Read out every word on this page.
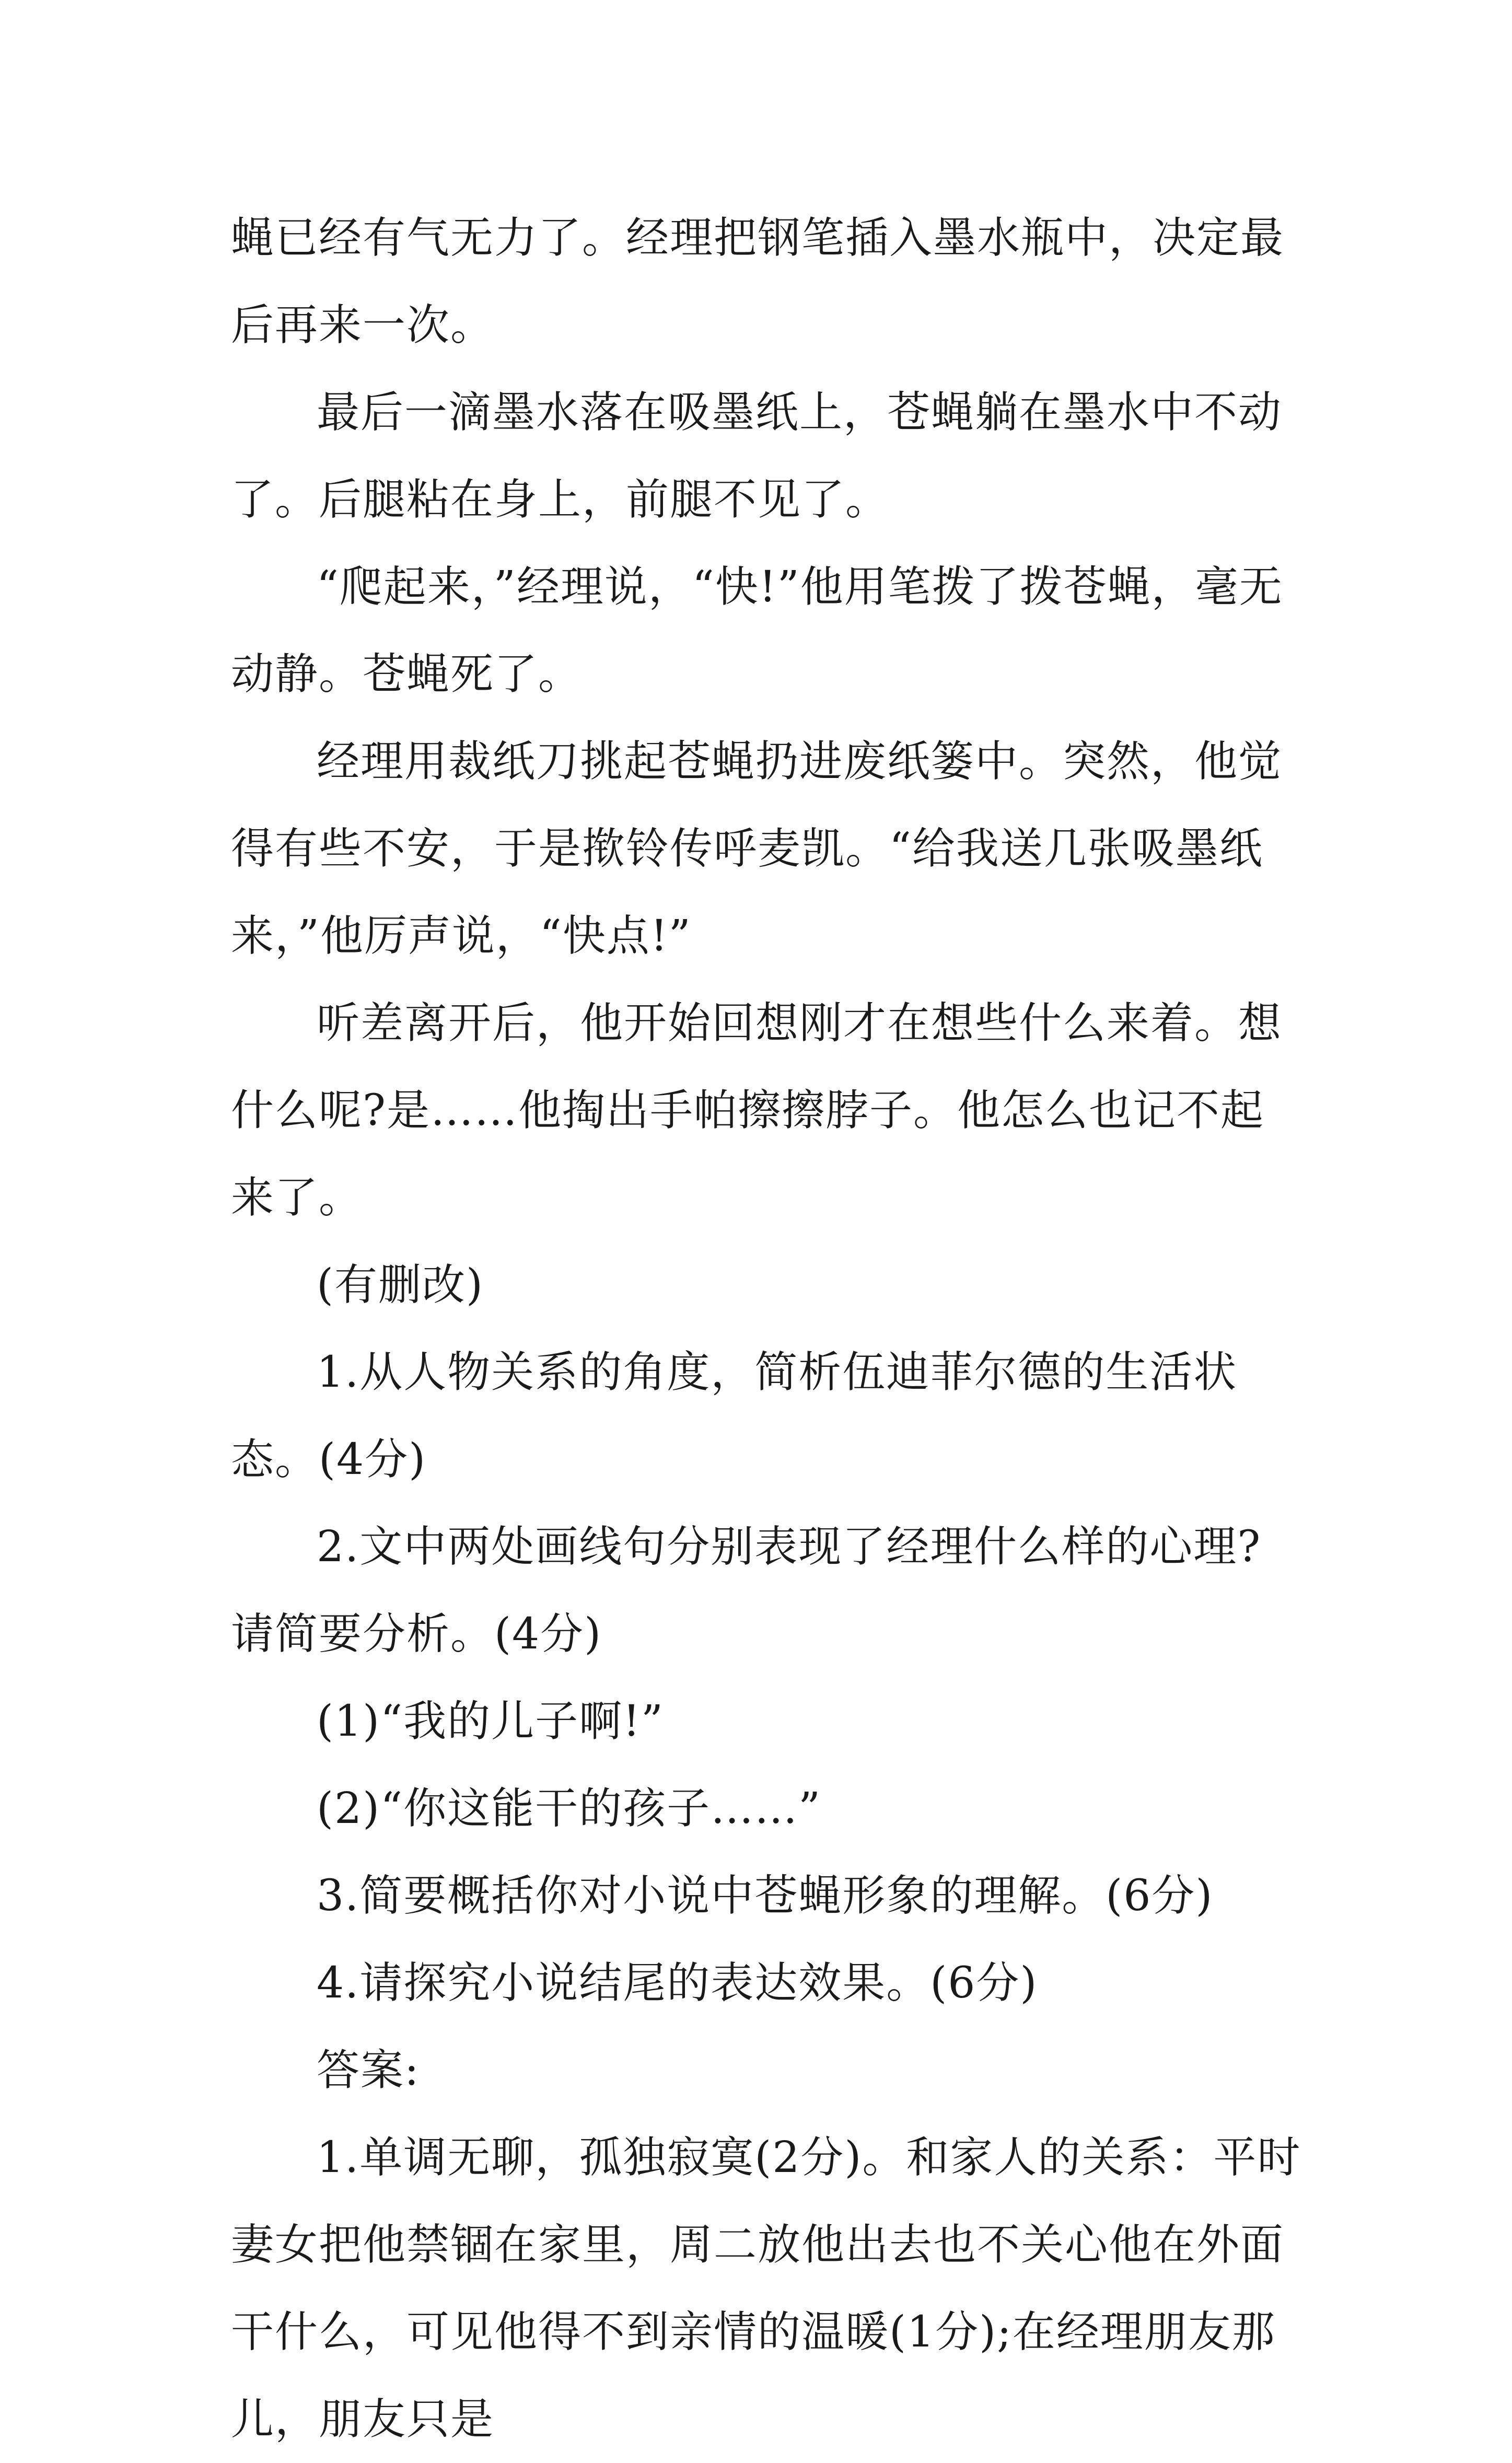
蝇已经有气无力了。经理把钢笔插入墨水瓶中，决定最后再来一次。

最后一滴墨水落在吸墨纸上，苍蝇躺在墨水中不动了。后腿粘在身上，前腿不见了。

“爬起来，”经理说，“快!”他用笔拨了拨苍蝇，毫无动静。苍蝇死了。

经理用裁纸刀挑起苍蝇扔进废纸篓中。突然，他觉得有些不安，于是揿铃传呼麦凯。“给我送几张吸墨纸来，”他厉声说，“快点!”

听差离开后，他开始回想刚才在想些什么来着。想什么呢?是……他掏出手帕擦擦脖子。他怎么也记不起来了。

(有删改)

1.从人物关系的角度，简析伍迪菲尔德的生活状态。(4分)

2.文中两处画线句分别表现了经理什么样的心理?请简要分析。(4分)

(1)“我的儿子啊!”

(2)“你这能干的孩子……”

3.简要概括你对小说中苍蝇形象的理解。(6分)

4.请探究小说结尾的表达效果。(6分)

答案:

1.单调无聊，孤独寂寞(2分)。和家人的关系：平时妻女把他禁锢在家里，周二放他出去也不关心他在外面干什么，可见他得不到亲情的温暖(1分);在经理朋友那儿，朋友只是
